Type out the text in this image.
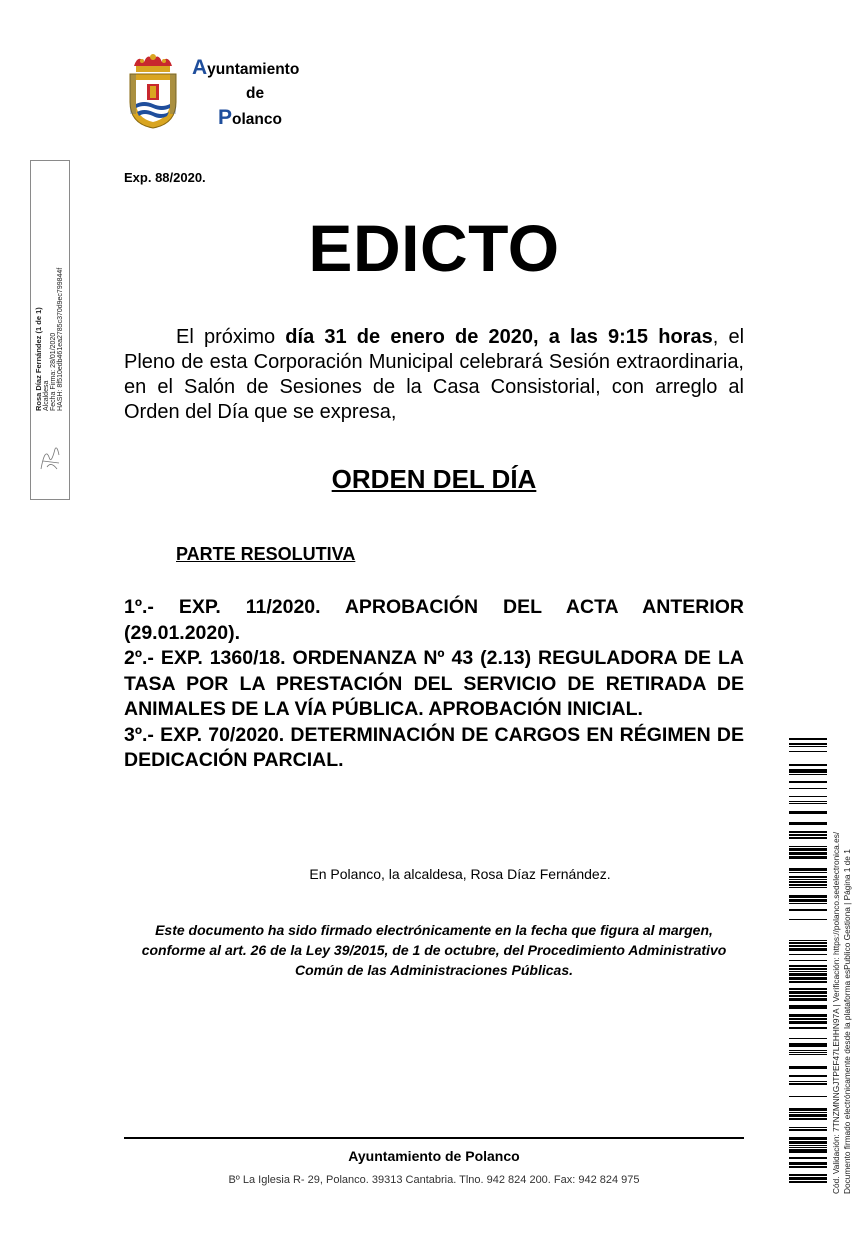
Ayuntamiento
de
Polanco
Rosa Díaz Fernández (1 de 1) Alcaldesa Fecha Firma: 28/01/2020 HASH: 8f510edb461ea2785c370d9ec799844f
Exp. 88/2020.
EDICTO
El próximo día 31 de enero de 2020, a las 9:15 horas, el Pleno de esta Corporación Municipal celebrará Sesión extraordinaria, en el Salón de Sesiones de la Casa Consistorial, con arreglo al Orden del Día que se expresa,
ORDEN DEL DÍA
PARTE RESOLUTIVA

1º.- EXP. 11/2020. APROBACIÓN DEL ACTA ANTERIOR (29.01.2020).

2º.- EXP. 1360/18. ORDENANZA Nº 43 (2.13) REGULADORA DE LA TASA POR LA PRESTACIÓN DEL SERVICIO DE RETIRADA DE ANIMALES DE LA VÍA PÚBLICA. APROBACIÓN INICIAL.

3º.- EXP. 70/2020. DETERMINACIÓN DE CARGOS EN RÉGIMEN DE DEDICACIÓN PARCIAL.

En Polanco, la alcaldesa, Rosa Díaz Fernández.
Este documento ha sido firmado electrónicamente en la fecha que figura al margen, conforme al art. 26 de la Ley 39/2015, de 1 de octubre, del Procedimiento Administrativo Común de las Administraciones Públicas.
Ayuntamiento de Polanco
Bº La Iglesia R- 29, Polanco. 39313 Cantabria. Tlno. 942 824 200. Fax: 942 824 975	Cód. Validación: 7TNZMNNGJTPEF47LEHHN97A | Verificación: https://polanco.sedelectronica.es/ Documento firmado electrónicamente desde la plataforma esPublico Gestiona | Página 1 de 1
